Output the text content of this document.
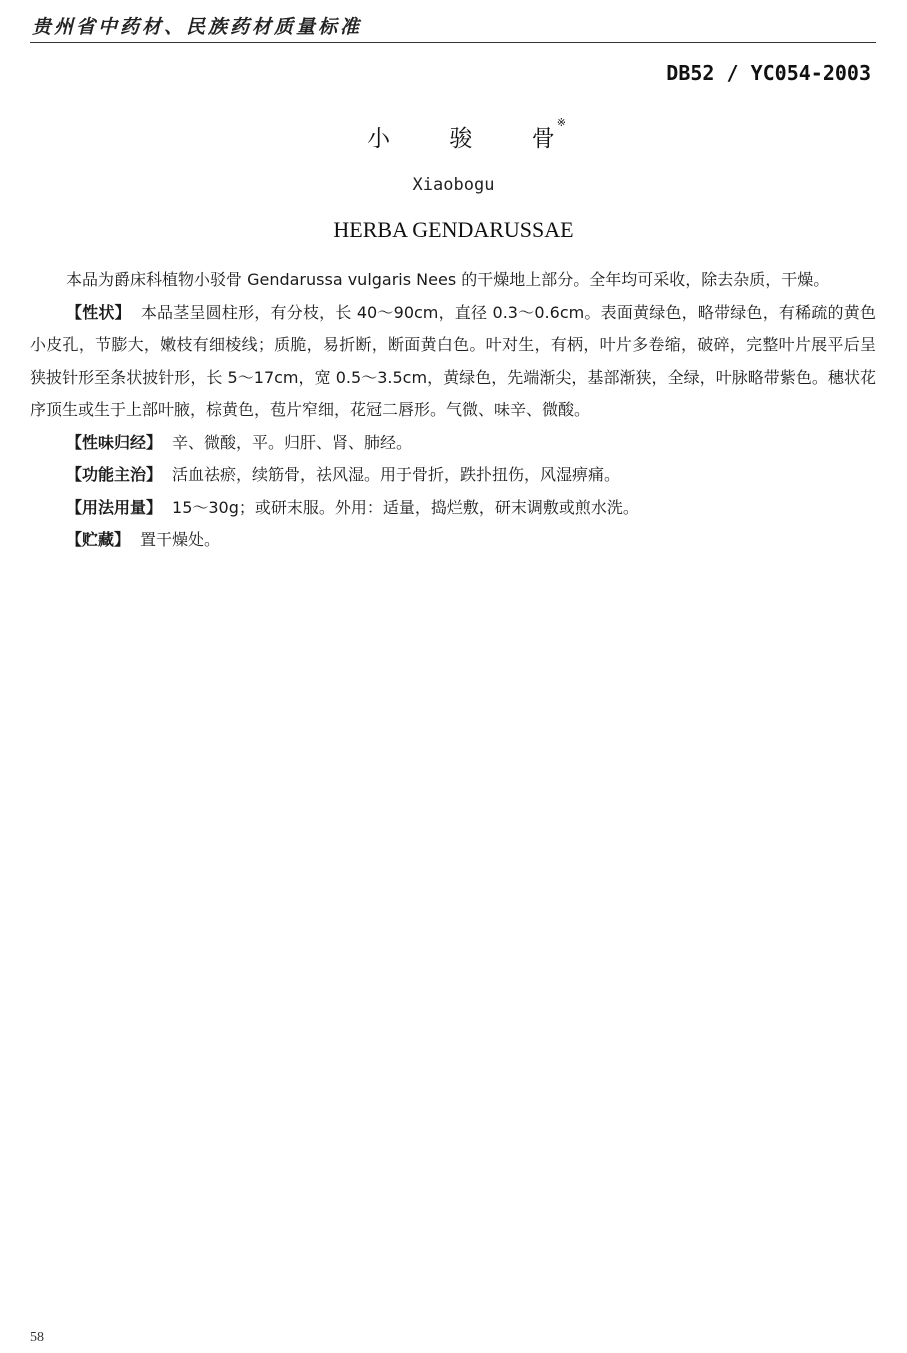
贵州省中药材、民族药材质量标准
DB52 / YC054-2003
小 骏 骨※
Xiaobogu
HERBA GENDARUSSAE

本品为爵床科植物小驳骨 Gendarussa vulgaris Nees 的干燥地上部分。全年均可采收，除去杂质，干燥。

【性状】 本品茎呈圆柱形，有分枝，长 40～90cm，直径 0.3～0.6cm。表面黄绿色，略带绿色，有稀疏的黄色小皮孔，节膨大，嫩枝有细棱线；质脆，易折断，断面黄白色。叶对生，有柄，叶片多卷缩，破碎，完整叶片展平后呈狭披针形至条状披针形，长 5～17cm，宽 0.5～3.5cm，黄绿色，先端渐尖，基部渐狭，全绿，叶脉略带紫色。穗状花序顶生或生于上部叶腋，棕黄色，苞片窄细，花冠二唇形。气微、味辛、微酸。

【性味归经】 辛、微酸，平。归肝、肾、肺经。

【功能主治】 活血祛瘀，续筋骨，祛风湿。用于骨折，跌扑扭伤，风湿痹痛。

【用法用量】 15～30g；或研末服。外用：适量，捣烂敷，研末调敷或煎水洗。

【贮藏】 置干燥处。

58
